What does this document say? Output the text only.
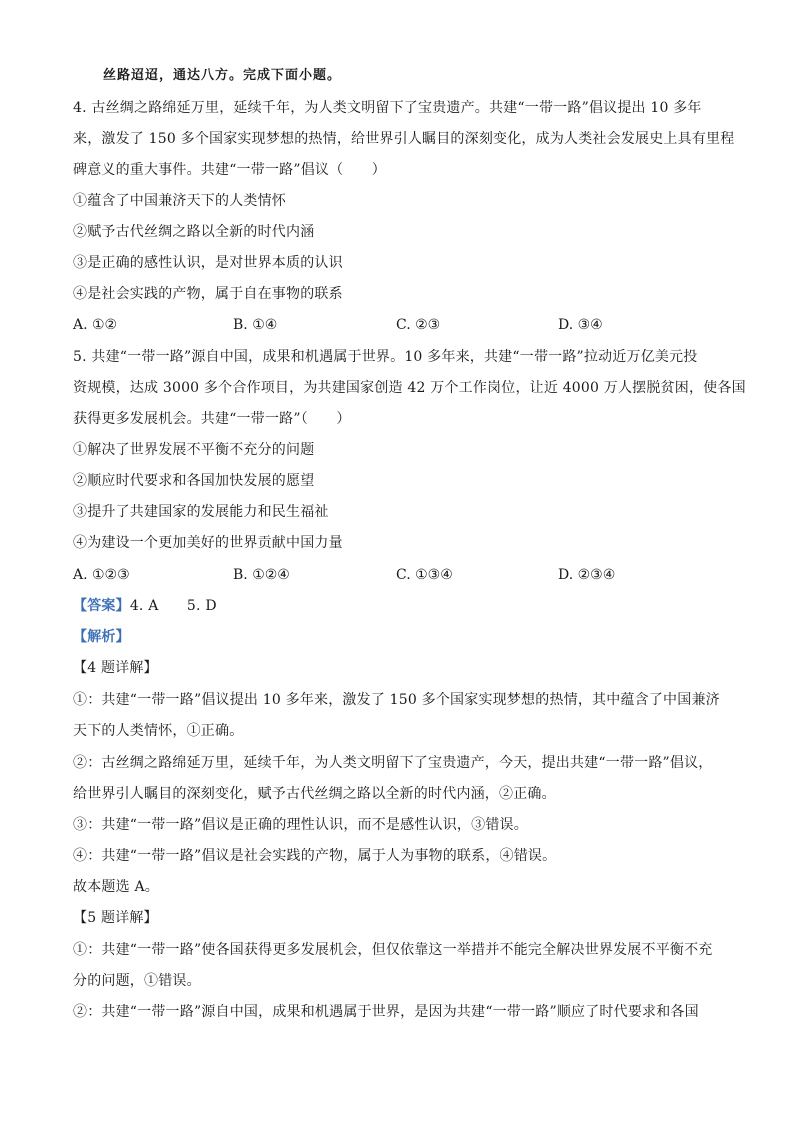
丝路迢迢，通达八方。完成下面小题。
4. 古丝绸之路绵延万里，延续千年，为人类文明留下了宝贵遗产。共建“一带一路”倡议提出 10 多年
来，激发了 150 多个国家实现梦想的热情，给世界引人瞩目的深刻变化，成为人类社会发展史上具有里程
碑意义的重大事件。共建“一带一路”倡议（　　）
①蕴含了中国兼济天下的人类情怀
②赋予古代丝绸之路以全新的时代内涵
③是正确的感性认识，是对世界本质的认识
④是社会实践的产物，属于自在事物的联系
A. ①②	B. ①④	C. ②③	D. ③④
5. 共建“一带一路”源自中国，成果和机遇属于世界。10 多年来，共建“一带一路”拉动近万亿美元投
资规模，达成 3000 多个合作项目，为共建国家创造 42 万个工作岗位，让近 4000 万人摆脱贫困，使各国
获得更多发展机会。共建“一带一路”（　　）
①解决了世界发展不平衡不充分的问题
②顺应时代要求和各国加快发展的愿望
③提升了共建国家的发展能力和民生福祉
④为建设一个更加美好的世界贡献中国力量
A. ①②③	B. ①②④	C. ①③④	D. ②③④
【答案】4. A　　5. D
【解析】
【4 题详解】
①：共建“一带一路”倡议提出 10 多年来，激发了 150 多个国家实现梦想的热情，其中蕴含了中国兼济
天下的人类情怀，①正确。
②：古丝绸之路绵延万里，延续千年，为人类文明留下了宝贵遗产，今天，提出共建“一带一路”倡议，
给世界引人瞩目的深刻变化，赋予古代丝绸之路以全新的时代内涵，②正确。
③：共建“一带一路”倡议是正确的理性认识，而不是感性认识，③错误。
④：共建“一带一路”倡议是社会实践的产物，属于人为事物的联系，④错误。
故本题选 A。
【5 题详解】
①：共建“一带一路”使各国获得更多发展机会，但仅依靠这一举措并不能完全解决世界发展不平衡不充
分的问题，①错误。
②：共建“一带一路”源自中国，成果和机遇属于世界，是因为共建“一带一路”顺应了时代要求和各国
